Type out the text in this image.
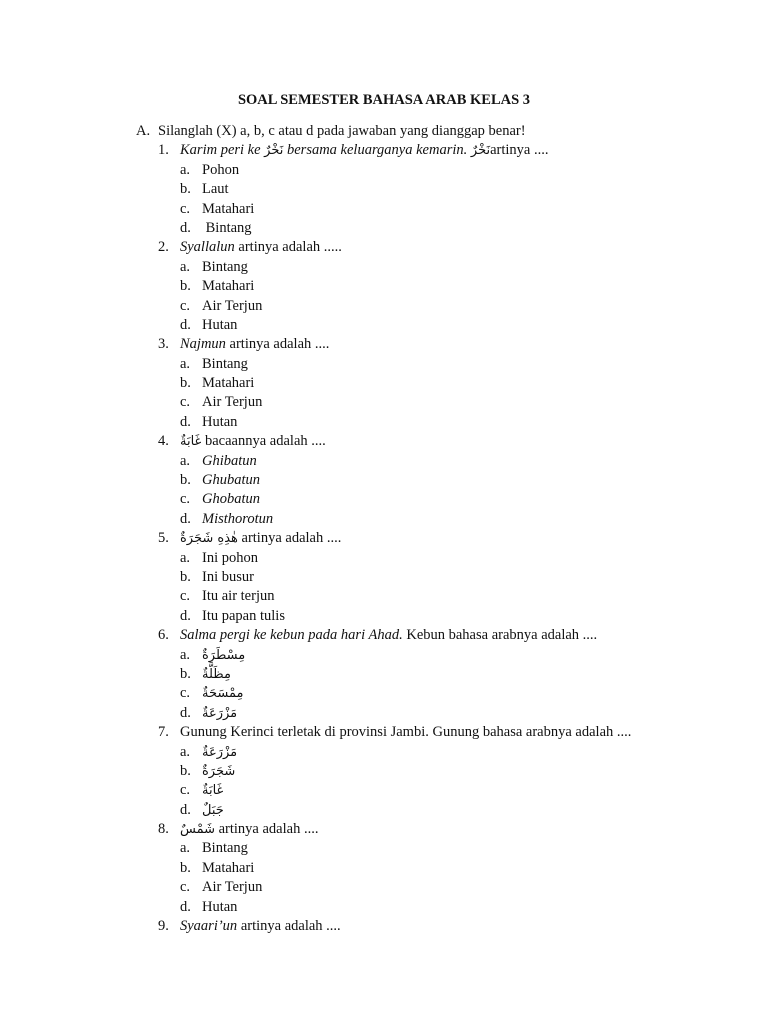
SOAL SEMESTER BAHASA ARAB KELAS 3
A. Silanglah (X) a, b, c atau d pada jawaban yang dianggap benar!
1. Karim peri ke نَخْرٌ bersama keluarganya kemarin. نَخْرٌartinya ....
a. Pohon
b. Laut
c. Matahari
d. Bintang
2. Syallalun artinya adalah .....
a. Bintang
b. Matahari
c. Air Terjun
d. Hutan
3. Najmun artinya adalah ....
a. Bintang
b. Matahari
c. Air Terjun
d. Hutan
4. غَابَةٌ bacaannya adalah ....
a. Ghibatun
b. Ghubatun
c. Ghobatun
d. Misthorotun
5. هٰذِهِ شَجَرَةٌ artinya adalah ....
a. Ini pohon
b. Ini busur
c. Itu air terjun
d. Itu papan tulis
6. Salma pergi ke kebun pada hari Ahad. Kebun bahasa arabnya adalah ....
a. مِسْطَرَةٌ
b. مِظَلَّةٌ
c. مِمْسَحَةٌ
d. مَزْرَعَةٌ
7. Gunung Kerinci terletak di provinsi Jambi. Gunung bahasa arabnya adalah ....
a. مَزْرَعَةٌ
b. شَجَرَةٌ
c. غَابَةٌ
d. جَبَلٌ
8. شَمْسٌ artinya adalah ....
a. Bintang
b. Matahari
c. Air Terjun
d. Hutan
9. Syaari’un artinya adalah ....
